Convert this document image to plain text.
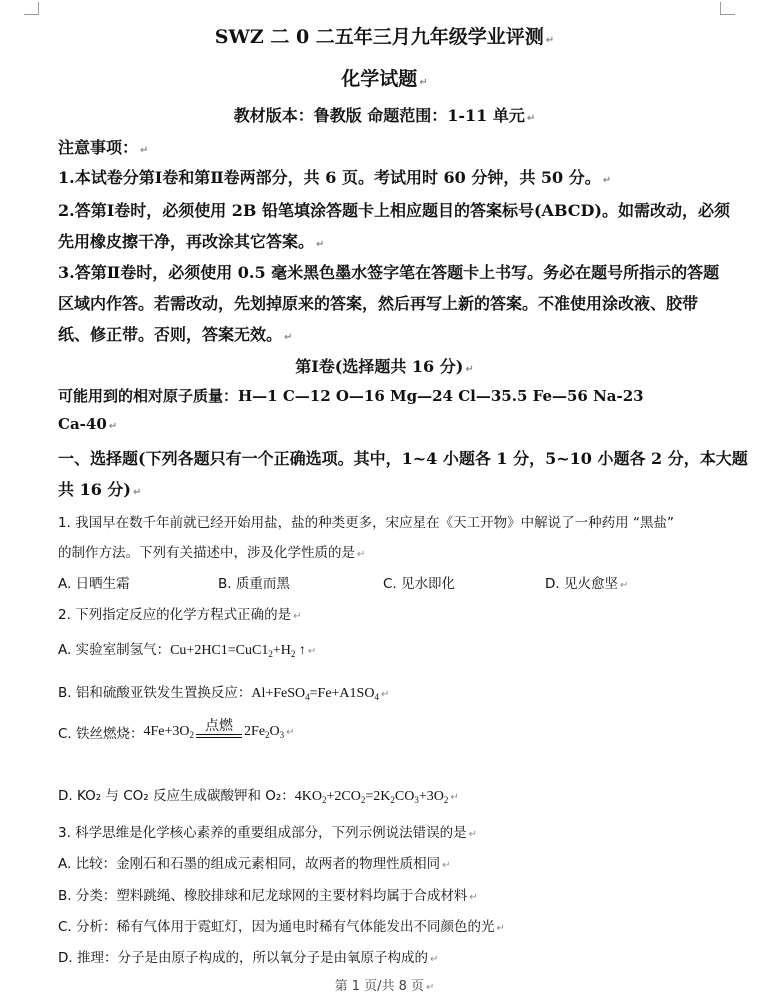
SWZ 二 0 二五年三月九年级学业评测 ↵
化学试题 ↵
教材版本：鲁教版 命题范围：1-11 单元 ↵
注意事项： ↵
1.本试卷分第Ⅰ卷和第Ⅱ卷两部分，共 6 页。考试用时 60 分钟，共 50 分。 ↵
2.答第Ⅰ卷时，必须使用 2B 铅笔填涂答题卡上相应题目的答案标号(ABCD)。如需改动，必须
先用橡皮擦干净，再改涂其它答案。 ↵
3.答第Ⅱ卷时，必须使用 0.5 毫米黑色墨水签字笔在答题卡上书写。务必在题号所指示的答题
区域内作答。若需改动，先划掉原来的答案，然后再写上新的答案。不准使用涂改液、胶带
纸、修正带。否则，答案无效。 ↵
第Ⅰ卷(选择题共 16 分) ↵
可能用到的相对原子质量：H—1 C—12 O—16 Mg—24 Cl—35.5 Fe—56 Na-23
Ca-40 ↵
一、选择题(下列各题只有一个正确选项。其中，1~4 小题各 1 分，5~10 小题各 2 分，本大题
共 16 分) ↵
1. 我国早在数千年前就已经开始用盐，盐的种类更多，宋应星在《天工开物》中解说了一种药用 “黑盐”
的制作方法。下列有关描述中，涉及化学性质的是 ↵
A. 日晒生霜	B. 质重而黑	C. 见水即化	D. 见火愈坚 ↵
2. 下列指定反应的化学方程式正确的是 ↵
A. 实验室制氢气：$Cu+2HC1=CuC1_2+H_2$ ↑ ↵
B. 铝和硫酸亚铁发生置换反应：$Al+FeSO_4=Fe+A1SO_4$ ↵
C. 铁丝燃烧：$4Fe+3O_2$
点燃 $2Fe_2O_3$ ↵
D. KO₂ 与 CO₂ 反应生成碳酸钾和 O₂：$4KO_2+2CO_2=2K_2CO_3+3O_2$ ↵
3. 科学思维是化学核心素养的重要组成部分，下列示例说法错误的是 ↵
A. 比较：金刚石和石墨的组成元素相同，故两者的物理性质相同 ↵
B. 分类：塑料跳绳、橡胶排球和尼龙球网的主要材料均属于合成材料 ↵
C. 分析：稀有气体用于霓虹灯，因为通电时稀有气体能发出不同颜色的光 ↵
D. 推理：分子是由原子构成的，所以氧分子是由氧原子构成的 ↵
第 1 页/共 8 页 ↵
